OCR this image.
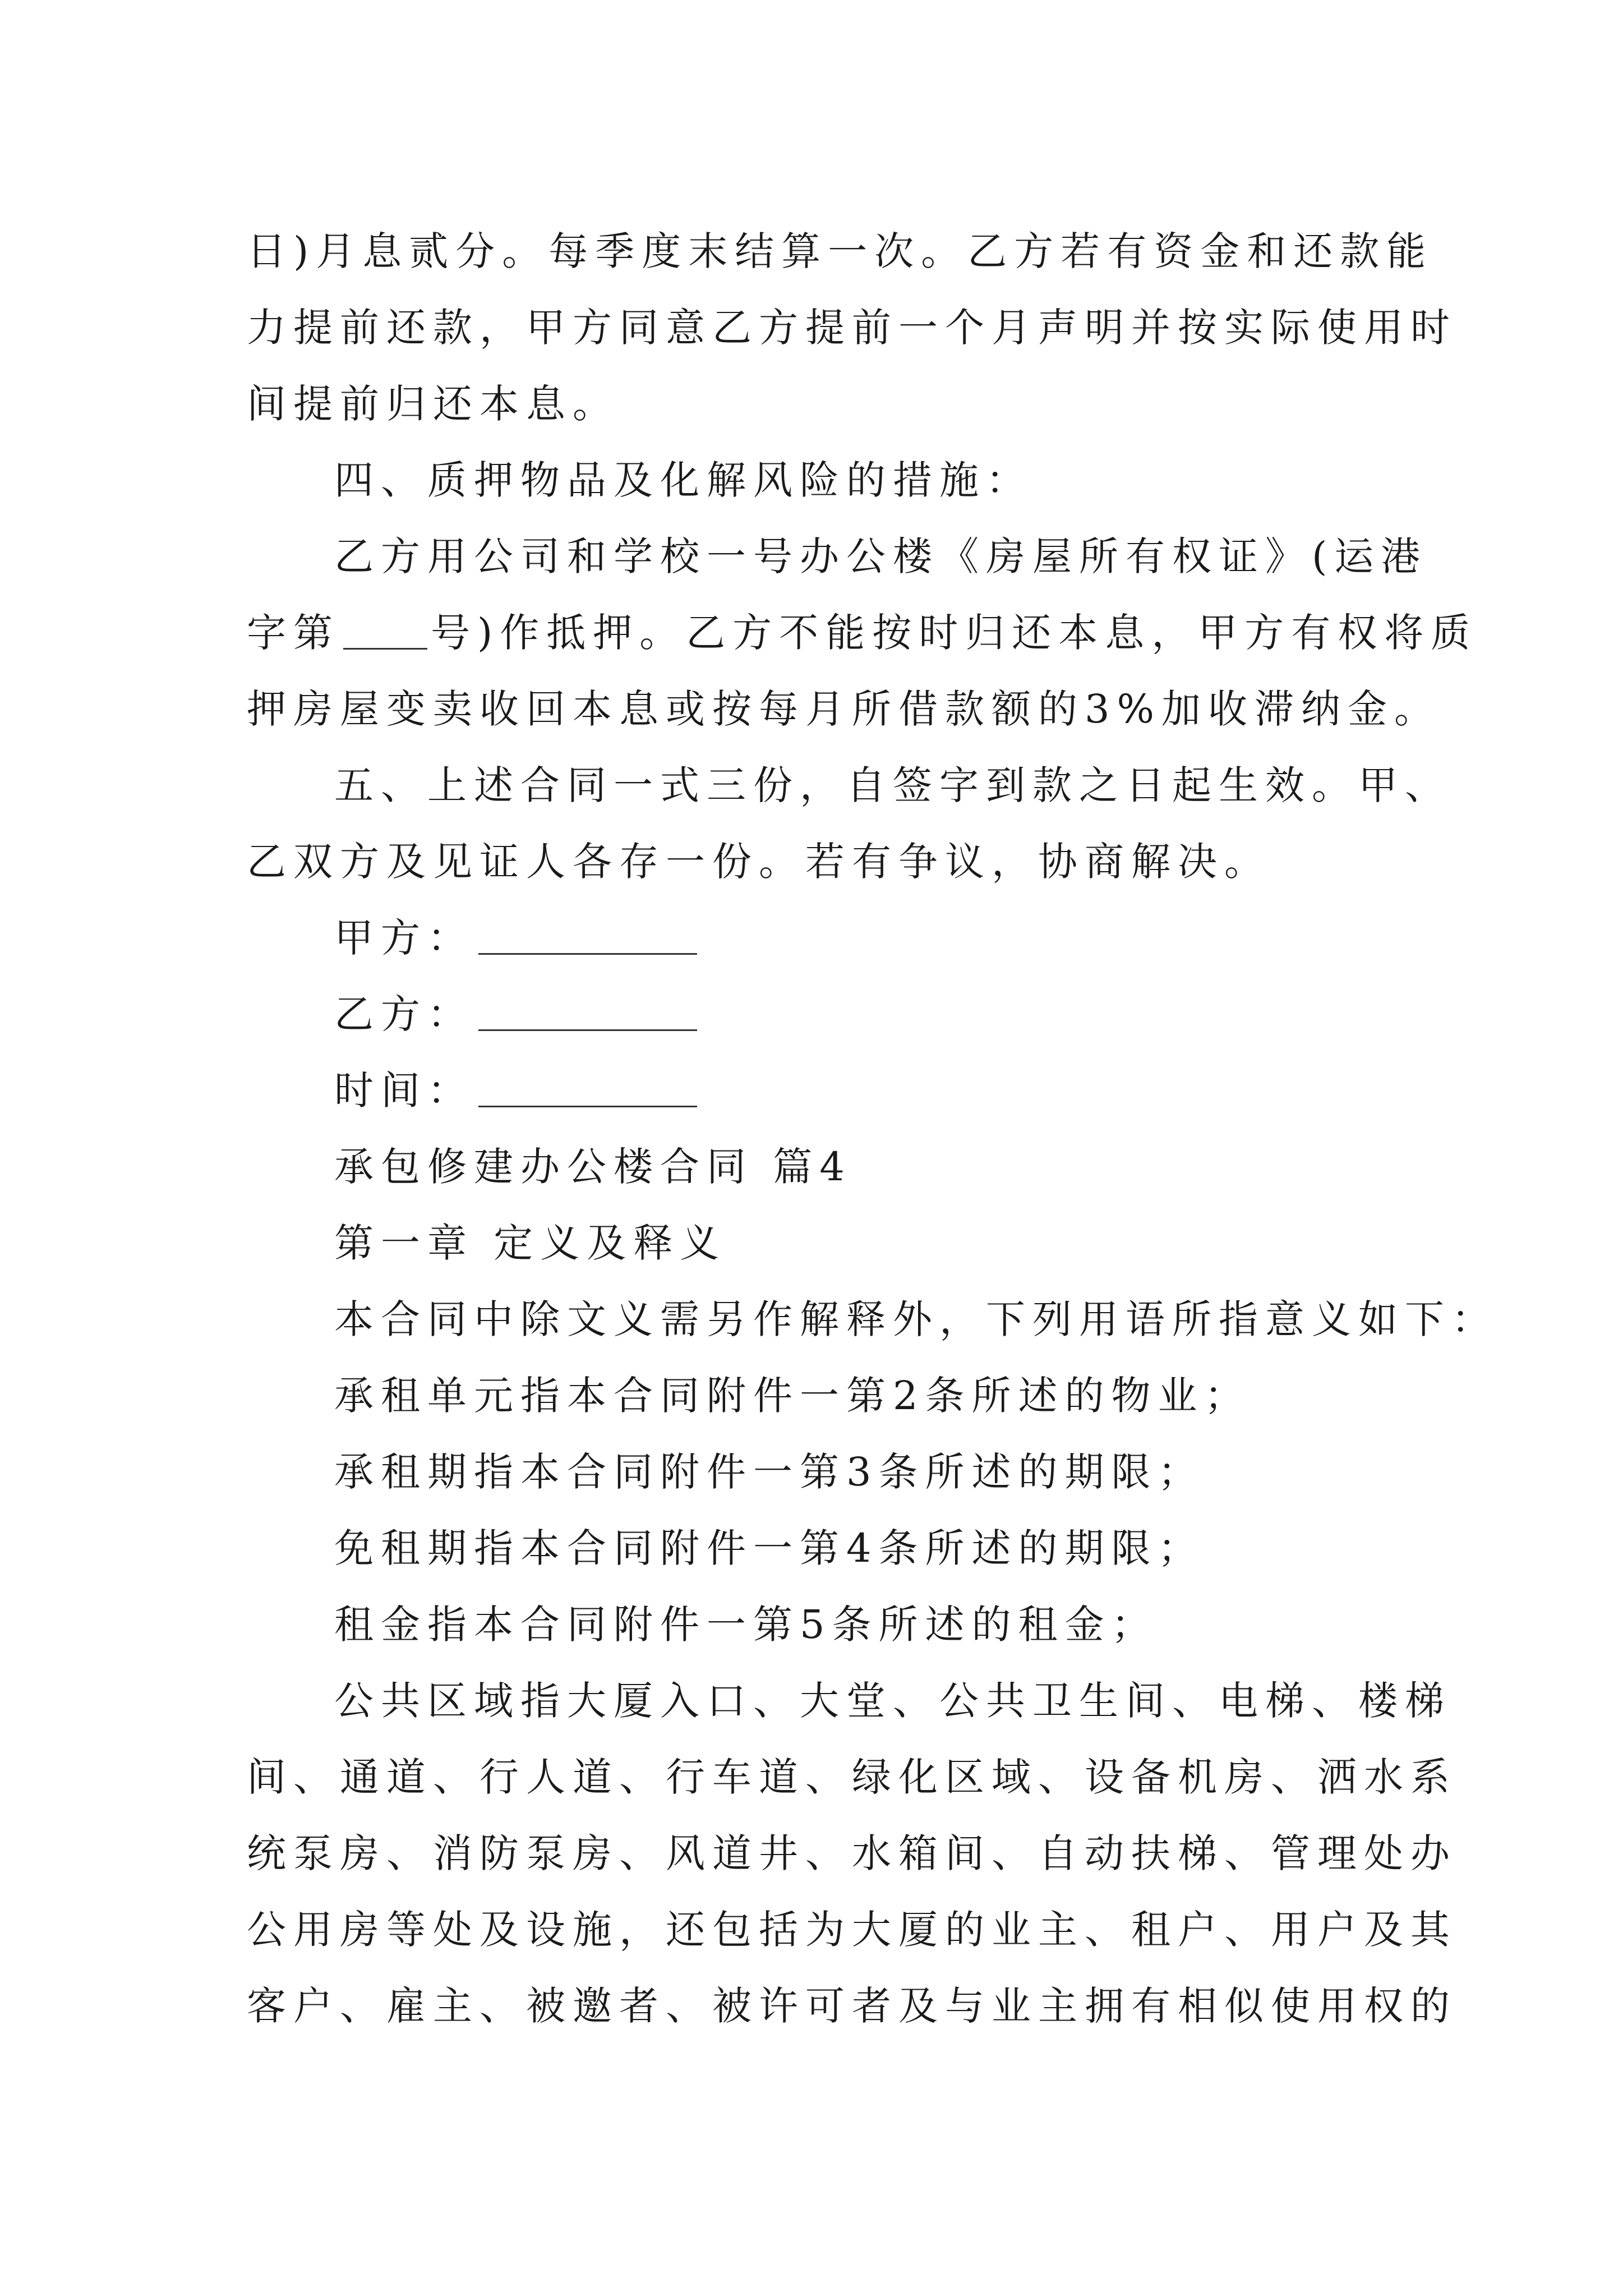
日)月息贰分。每季度末结算一次。乙方若有资金和还款能
力提前还款，甲方同意乙方提前一个月声明并按实际使用时
间提前归还本息。
四、质押物品及化解风险的措施：
乙方用公司和学校一号办公楼《房屋所有权证》(运港
字第 号)作抵押。乙方不能按时归还本息，甲方有权将质
押房屋变卖收回本息或按每月所借款额的3%加收滞纳金。
五、上述合同一式三份，自签字到款之日起生效。甲、
乙双方及见证人各存一份。若有争议，协商解决。
甲方：
乙方：
时间：
承包修建办公楼合同 篇4
第一章 定义及释义
本合同中除文义需另作解释外，下列用语所指意义如下：
承租单元指本合同附件一第2条所述的物业；
承租期指本合同附件一第3条所述的期限；
免租期指本合同附件一第4条所述的期限；
租金指本合同附件一第5条所述的租金；
公共区域指大厦入口、大堂、公共卫生间、电梯、楼梯
间、通道、行人道、行车道、绿化区域、设备机房、洒水系
统泵房、消防泵房、风道井、水箱间、自动扶梯、管理处办
公用房等处及设施，还包括为大厦的业主、租户、用户及其
客户、雇主、被邀者、被许可者及与业主拥有相似使用权的
